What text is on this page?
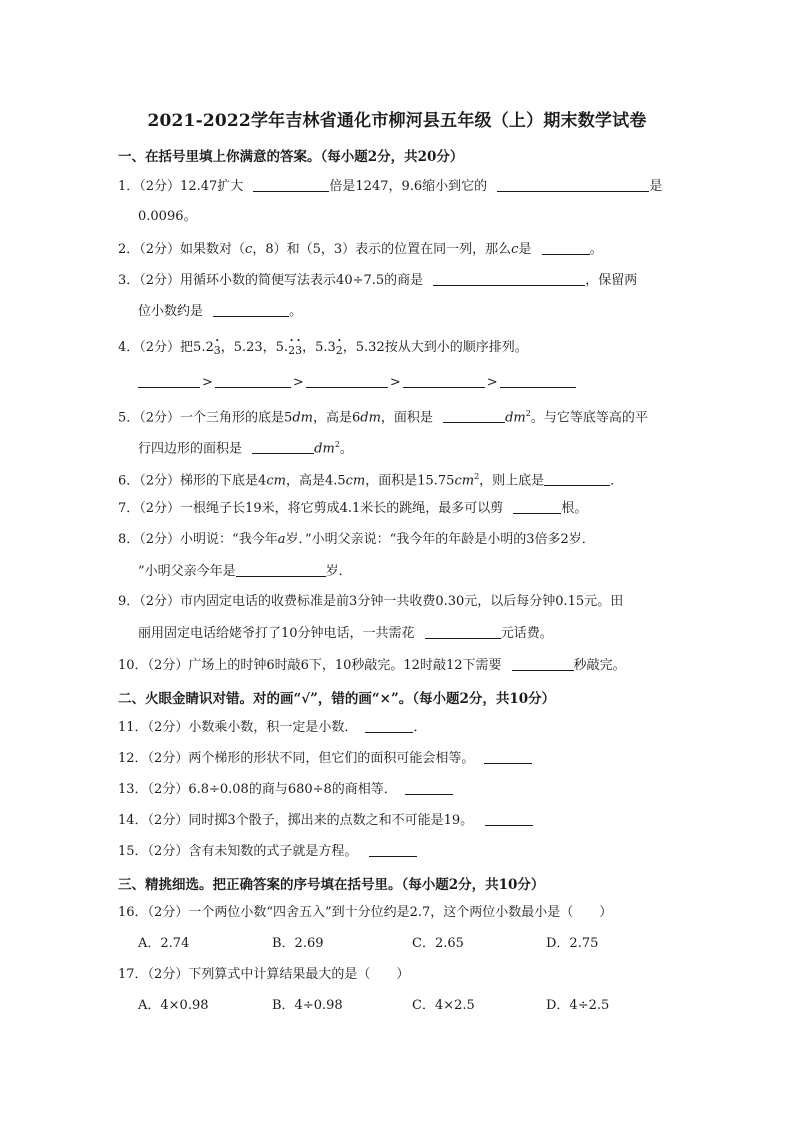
2021-2022学年吉林省通化市柳河县五年级（上）期末数学试卷
一、在括号里填上你满意的答案。（每小题2分，共20分）
1．（2分）12.47扩大	倍是1247，9.6缩小到它的	是
0.0096。
2．（2分）如果数对（c，8）和（5，3）表示的位置在同一列，那么c是	。
3．（2分）用循环小数的简便写法表示40÷7.5的商是	，保留两
位小数约是	。
4．（2分）把5.2• 3，5.23，5.• 2• 3，5.3• 2，5.32按从大到小的顺序排列。
>	>	>	>
5．（2分）一个三角形的底是5dm，高是6dm，面积是	$dm^2$。与它等底等高的平
行四边形的面积是	$dm^2$。
6．（2分）梯形的下底是4cm，高是4.5cm，面积是$15.75cm^2$，则上底是	．
7．（2分）一根绳子长19米，将它剪成4.1米长的跳绳，最多可以剪	根。
8．（2分）小明说：“我今年a岁．”小明父亲说：“我今年的年龄是小明的3倍多2岁．
”小明父亲今年是	岁．
9．（2分）市内固定电话的收费标准是前3分钟一共收费0.30元，以后每分钟0.15元。田
丽用固定电话给姥爷打了10分钟电话，一共需花	元话费。
10．（2分）广场上的时钟6时敲6下，10秒敲完。12时敲12下需要	秒敲完。
二、火眼金睛识对错。对的画“√”，错的画“×”。（每小题2分，共10分）
11．（2分）小数乘小数，积一定是小数．	．
12．（2分）两个梯形的形状不同，但它们的面积可能会相等。
13．（2分）6.8÷0.08的商与680÷8的商相等．
14．（2分）同时掷3个骰子，掷出来的点数之和不可能是19。
15．（2分）含有未知数的式子就是方程。
三、精挑细选。把正确答案的序号填在括号里。（每小题2分，共10分）
16．（2分）一个两位小数“四舍五入”到十分位约是2.7，这个两位小数最小是（　　）
A．2.74	B．2.69	C．2.65	D．2.75
17．（2分）下列算式中计算结果最大的是（　　）
A．4×0.98	B．4÷0.98	C．4×2.5	D．4÷2.5
